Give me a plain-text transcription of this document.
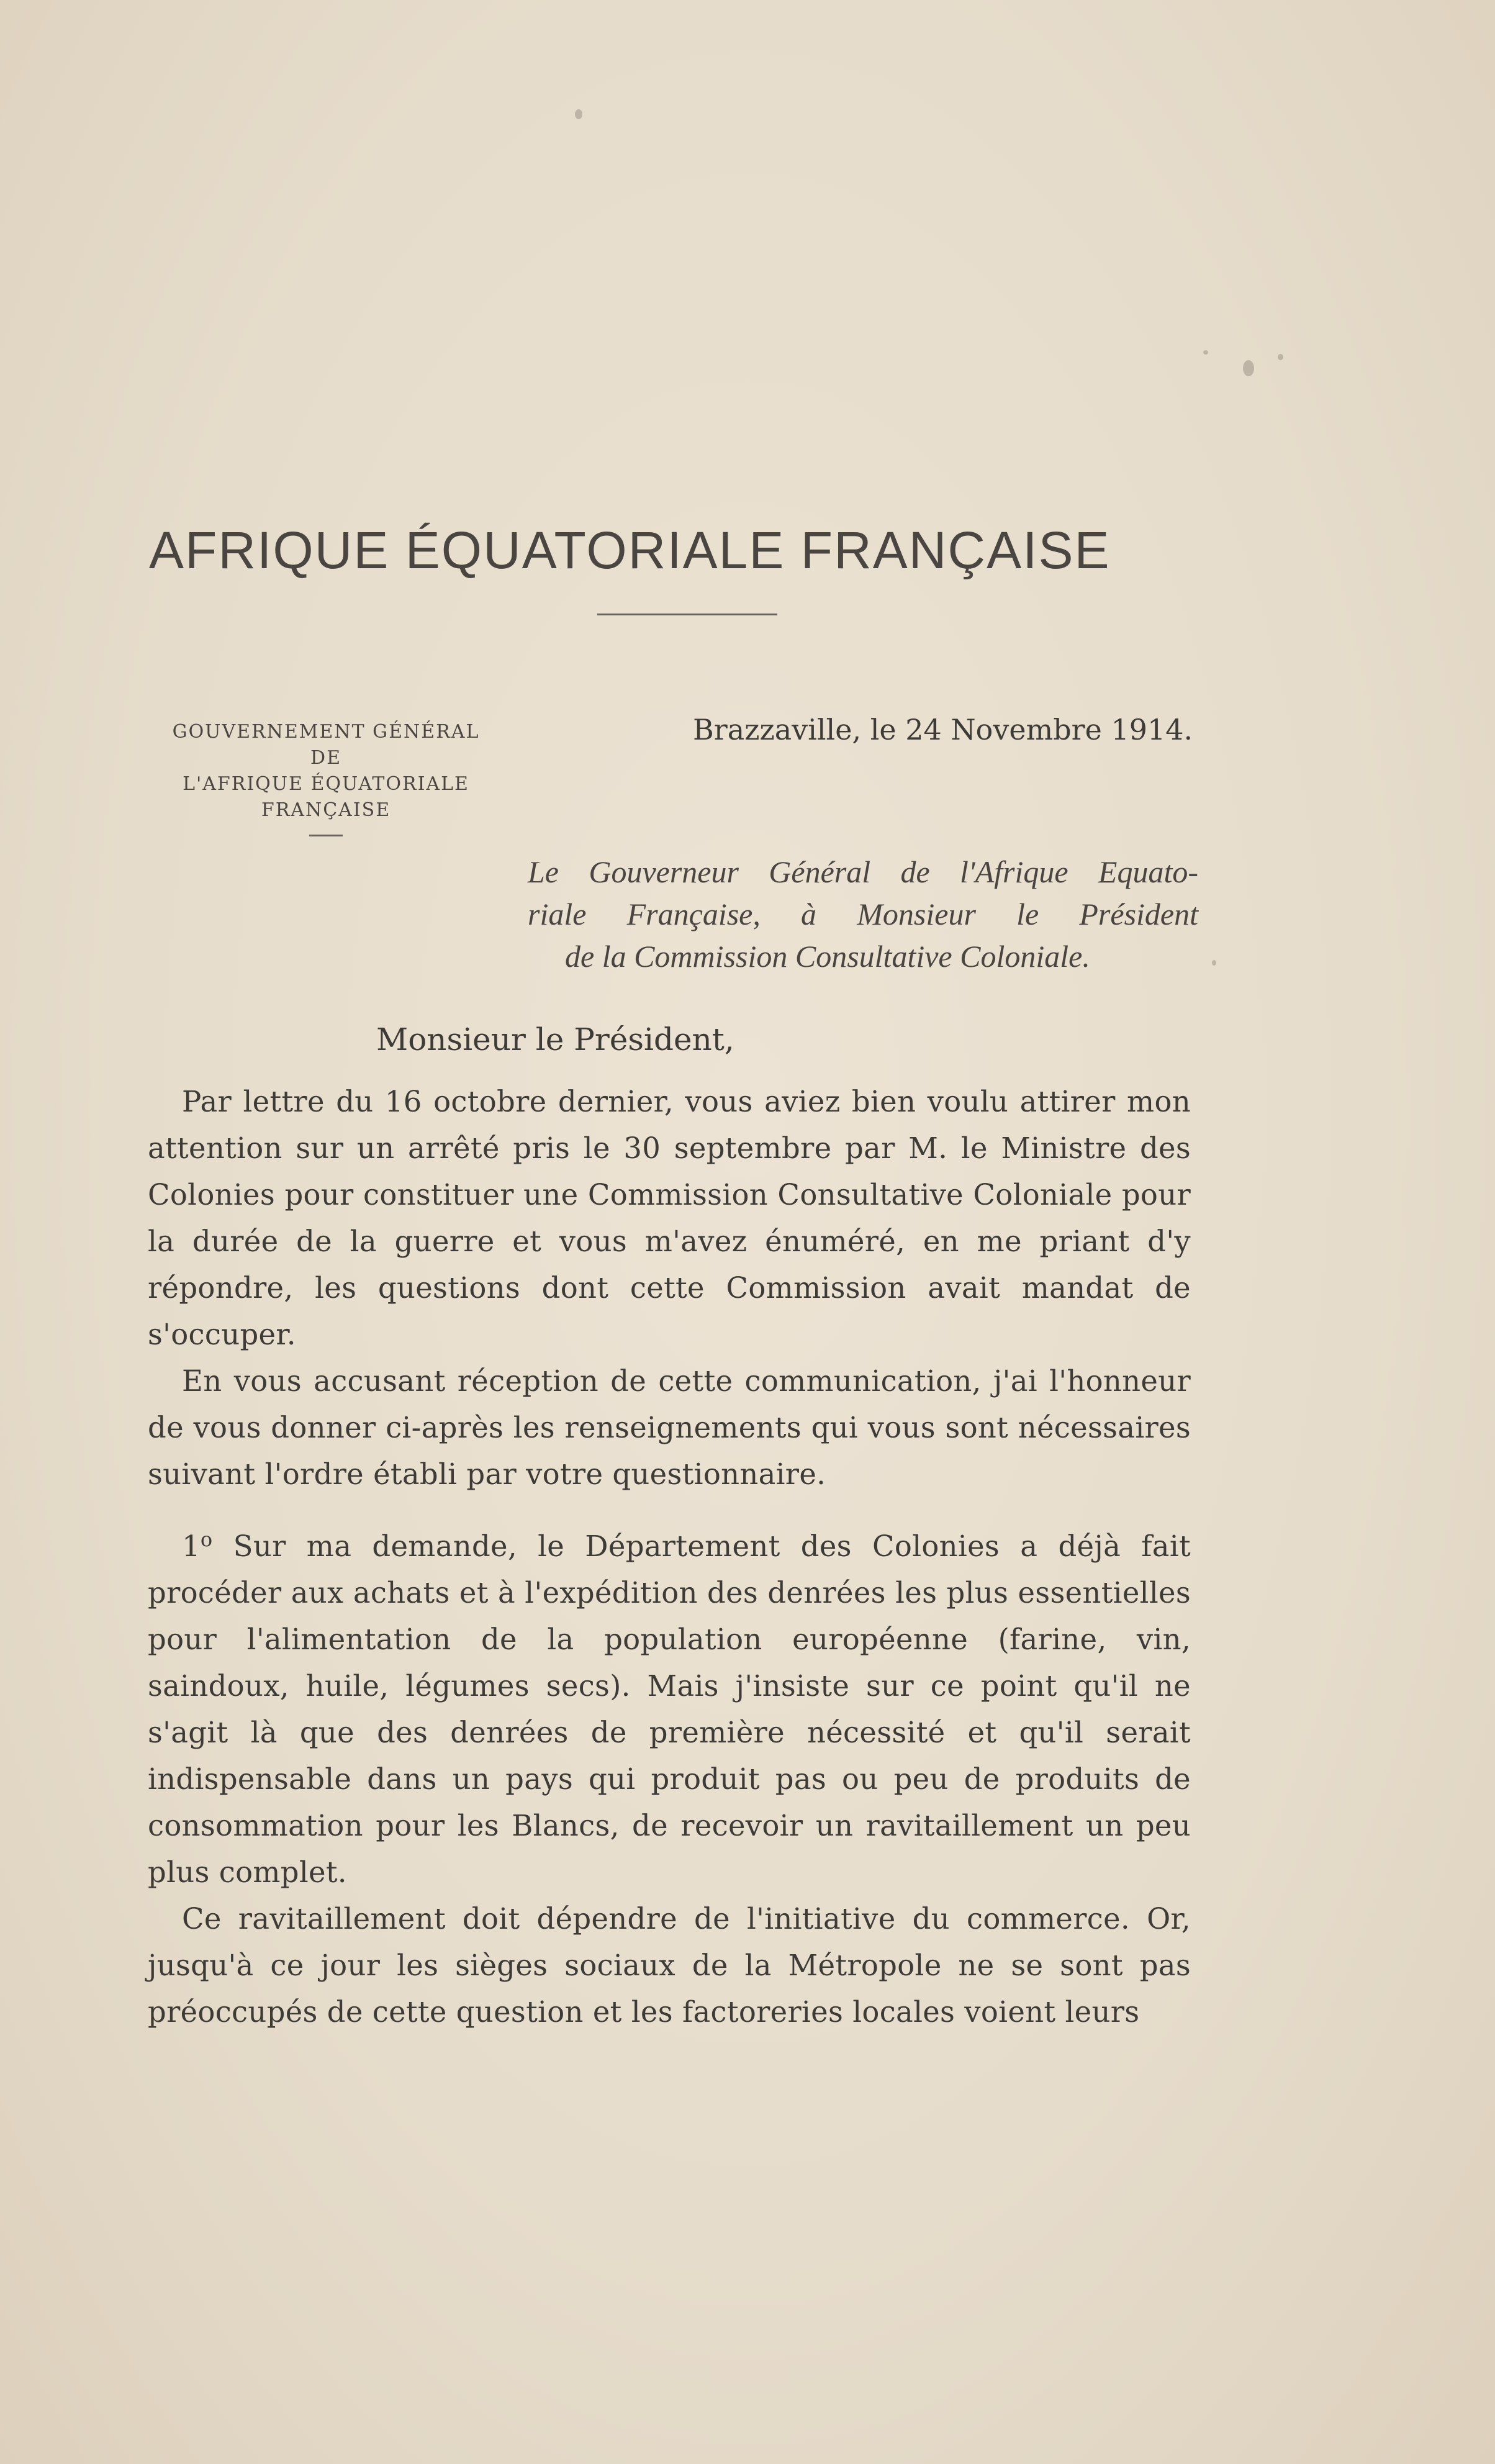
AFRIQUE ÉQUATORIALE FRANÇAISE
GOUVERNEMENT GÉNÉRAL
DE
L'AFRIQUE ÉQUATORIALE
FRANÇAISE
Brazzaville, le 24 Novembre 1914.
Le Gouverneur Général de l'Afrique Equato-
riale Française, à Monsieur le Président
de la Commission Consultative Coloniale.
Monsieur le Président,

Par lettre du 16 octobre dernier, vous aviez bien voulu attirer mon attention sur un arrêté pris le 30 septembre par M. le Ministre des Colonies pour constituer une Commission Consultative Coloniale pour la durée de la guerre et vous m'avez énuméré, en me priant d'y répondre, les questions dont cette Commission avait mandat de s'occuper.

En vous accusant réception de cette communication, j'ai l'honneur de vous donner ci-après les renseignements qui vous sont nécessaires suivant l'ordre établi par votre questionnaire.

1$^o$ Sur ma demande, le Département des Colonies a déjà fait procéder aux achats et à l'expédition des denrées les plus essentielles pour l'alimentation de la population européenne (farine, vin, saindoux, huile, légumes secs). Mais j'insiste sur ce point qu'il ne s'agit là que des denrées de première nécessité et qu'il serait indispensable dans un pays qui produit pas ou peu de produits de consommation pour les Blancs, de recevoir un ravitaillement un peu plus complet.

Ce ravitaillement doit dépendre de l'initiative du commerce. Or, jusqu'à ce jour les sièges sociaux de la Métropole ne se sont pas préoccupés de cette question et les factoreries locales voient leurs
